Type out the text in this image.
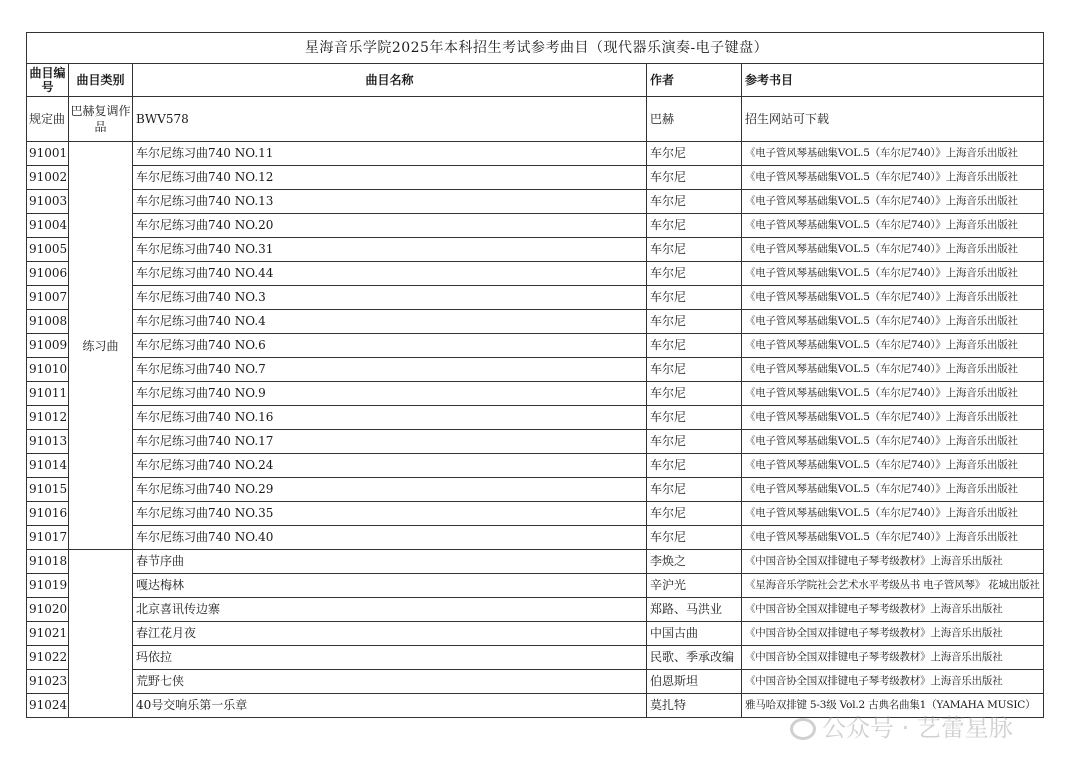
星海音乐学院2025年本科招生考试参考曲目（现代器乐演奏-电子键盘）				
曲目编号	曲目类别	曲目名称	作者	参考书目
规定曲	巴赫复调作品	BWV578	巴赫	招生网站可下载
91001	练习曲	车尔尼练习曲740 NO.11	车尔尼	《电子管风琴基础集VOL.5（车尔尼740）》上海音乐出版社
91002		车尔尼练习曲740 NO.12	车尔尼	《电子管风琴基础集VOL.5（车尔尼740）》上海音乐出版社
91003		车尔尼练习曲740 NO.13	车尔尼	《电子管风琴基础集VOL.5（车尔尼740）》上海音乐出版社
91004		车尔尼练习曲740 NO.20	车尔尼	《电子管风琴基础集VOL.5（车尔尼740）》上海音乐出版社
91005		车尔尼练习曲740 NO.31	车尔尼	《电子管风琴基础集VOL.5（车尔尼740）》上海音乐出版社
91006		车尔尼练习曲740 NO.44	车尔尼	《电子管风琴基础集VOL.5（车尔尼740）》上海音乐出版社
91007		车尔尼练习曲740 NO.3	车尔尼	《电子管风琴基础集VOL.5（车尔尼740）》上海音乐出版社
91008		车尔尼练习曲740 NO.4	车尔尼	《电子管风琴基础集VOL.5（车尔尼740）》上海音乐出版社
91009		车尔尼练习曲740 NO.6	车尔尼	《电子管风琴基础集VOL.5（车尔尼740）》上海音乐出版社
91010		车尔尼练习曲740 NO.7	车尔尼	《电子管风琴基础集VOL.5（车尔尼740）》上海音乐出版社
91011		车尔尼练习曲740 NO.9	车尔尼	《电子管风琴基础集VOL.5（车尔尼740）》上海音乐出版社
91012		车尔尼练习曲740 NO.16	车尔尼	《电子管风琴基础集VOL.5（车尔尼740）》上海音乐出版社
91013		车尔尼练习曲740 NO.17	车尔尼	《电子管风琴基础集VOL.5（车尔尼740）》上海音乐出版社
91014		车尔尼练习曲740 NO.24	车尔尼	《电子管风琴基础集VOL.5（车尔尼740）》上海音乐出版社
91015		车尔尼练习曲740 NO.29	车尔尼	《电子管风琴基础集VOL.5（车尔尼740）》上海音乐出版社
91016		车尔尼练习曲740 NO.35	车尔尼	《电子管风琴基础集VOL.5（车尔尼740）》上海音乐出版社
91017		车尔尼练习曲740 NO.40	车尔尼	《电子管风琴基础集VOL.5（车尔尼740）》上海音乐出版社
91018		春节序曲	李焕之	《中国音协全国双排键电子琴考级教材》上海音乐出版社
91019		嘎达梅林	辛沪光	《星海音乐学院社会艺术水平考级丛书 电子管风琴》 花城出版社
91020		北京喜讯传边寨	郑路、马洪业	《中国音协全国双排键电子琴考级教材》上海音乐出版社
91021		春江花月夜	中国古曲	《中国音协全国双排键电子琴考级教材》上海音乐出版社
91022		玛依拉	民歌、季承改编	《中国音协全国双排键电子琴考级教材》上海音乐出版社
91023		荒野七侠	伯恩斯坦	《中国音协全国双排键电子琴考级教材》上海音乐出版社
91024		40号交响乐第一乐章	莫扎特	雅马哈双排键 5-3级 Vol.2 古典名曲集1（YAMAHA MUSIC）
公众号 · 艺蕾星脉
